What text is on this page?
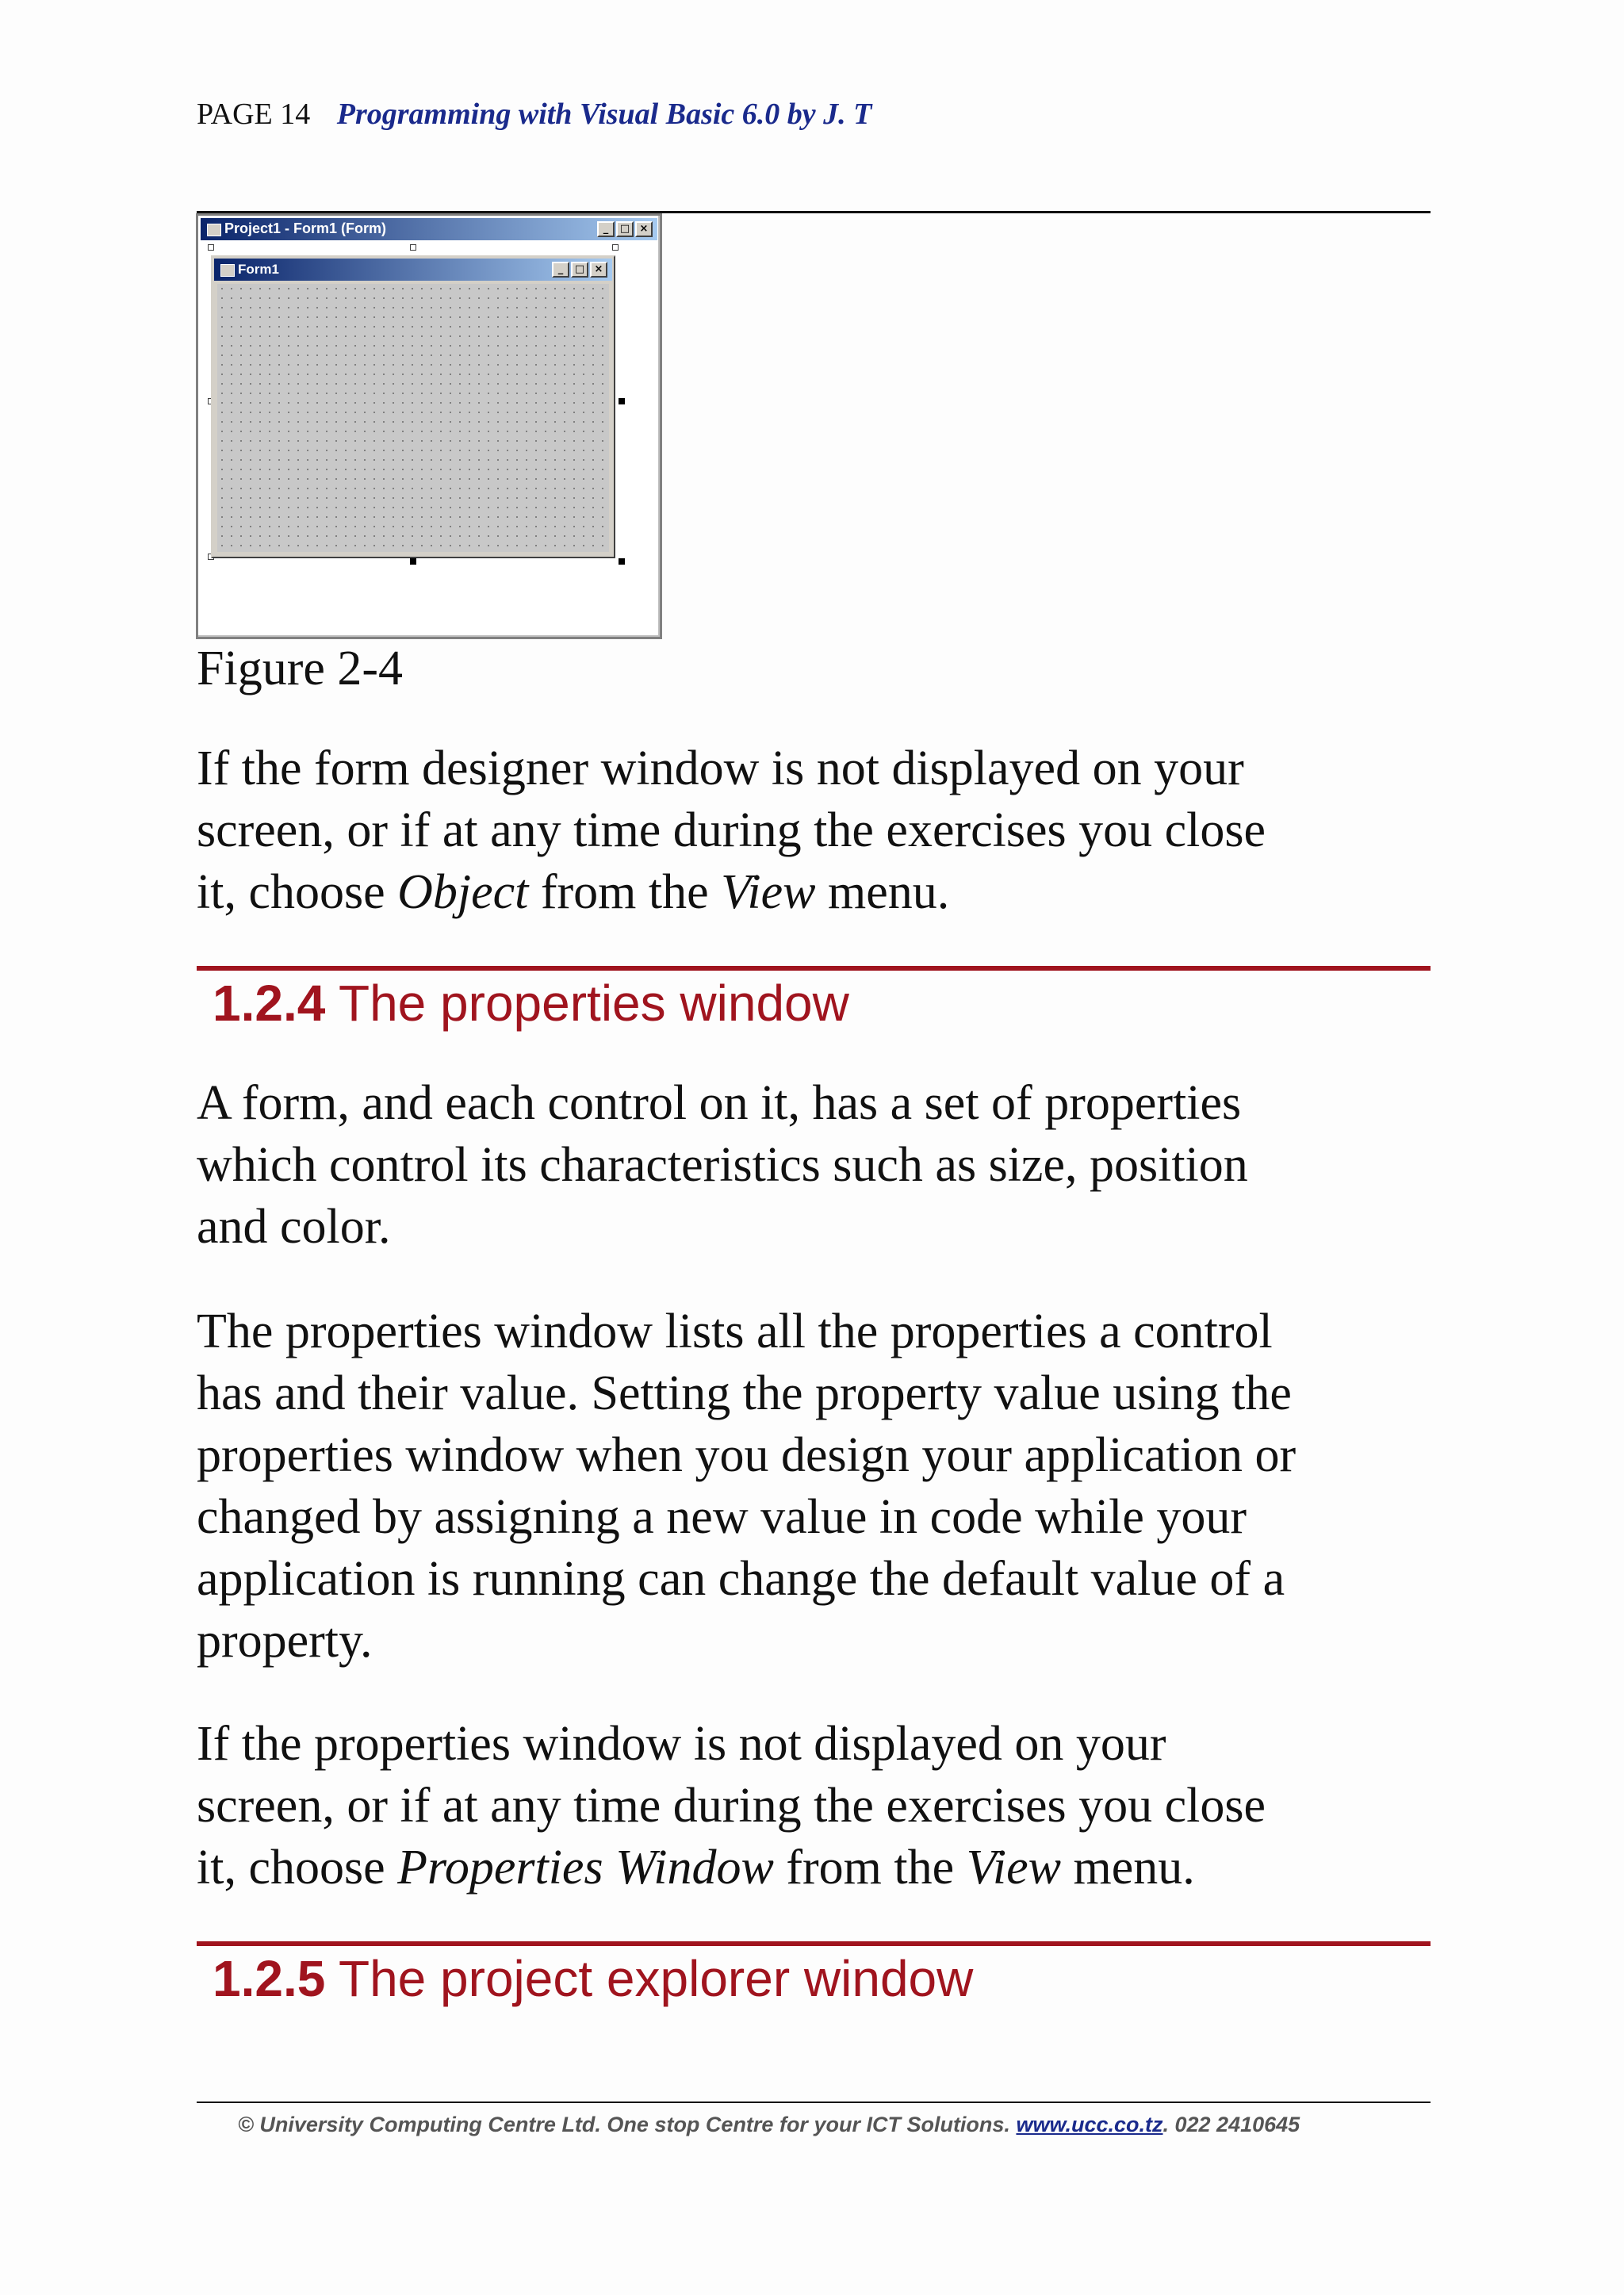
PAGE 14 Programming with Visual Basic 6.0 by J. T
Project1 - Form1 (Form)	_	□ ×
Form1	_	□ ×
Figure 2-4

If the form designer window is not displayed on your
screen, or if at any time during the exercises you close
it, choose Object from the View menu.

1.2.4 The properties window

A form, and each control on it, has a set of properties
which control its characteristics such as size, position
and color.

The properties window lists all the properties a control
has and their value. Setting the property value using the
properties window when you design your application or
changed by assigning a new value in code while your
application is running can change the default value of a
property.

If the properties window is not displayed on your
screen, or if at any time during the exercises you close
it, choose Properties Window from the View menu.

1.2.5 The project explorer window
© University Computing Centre Ltd. One stop Centre for your ICT Solutions. www.ucc.co.tz. 022 2410645
